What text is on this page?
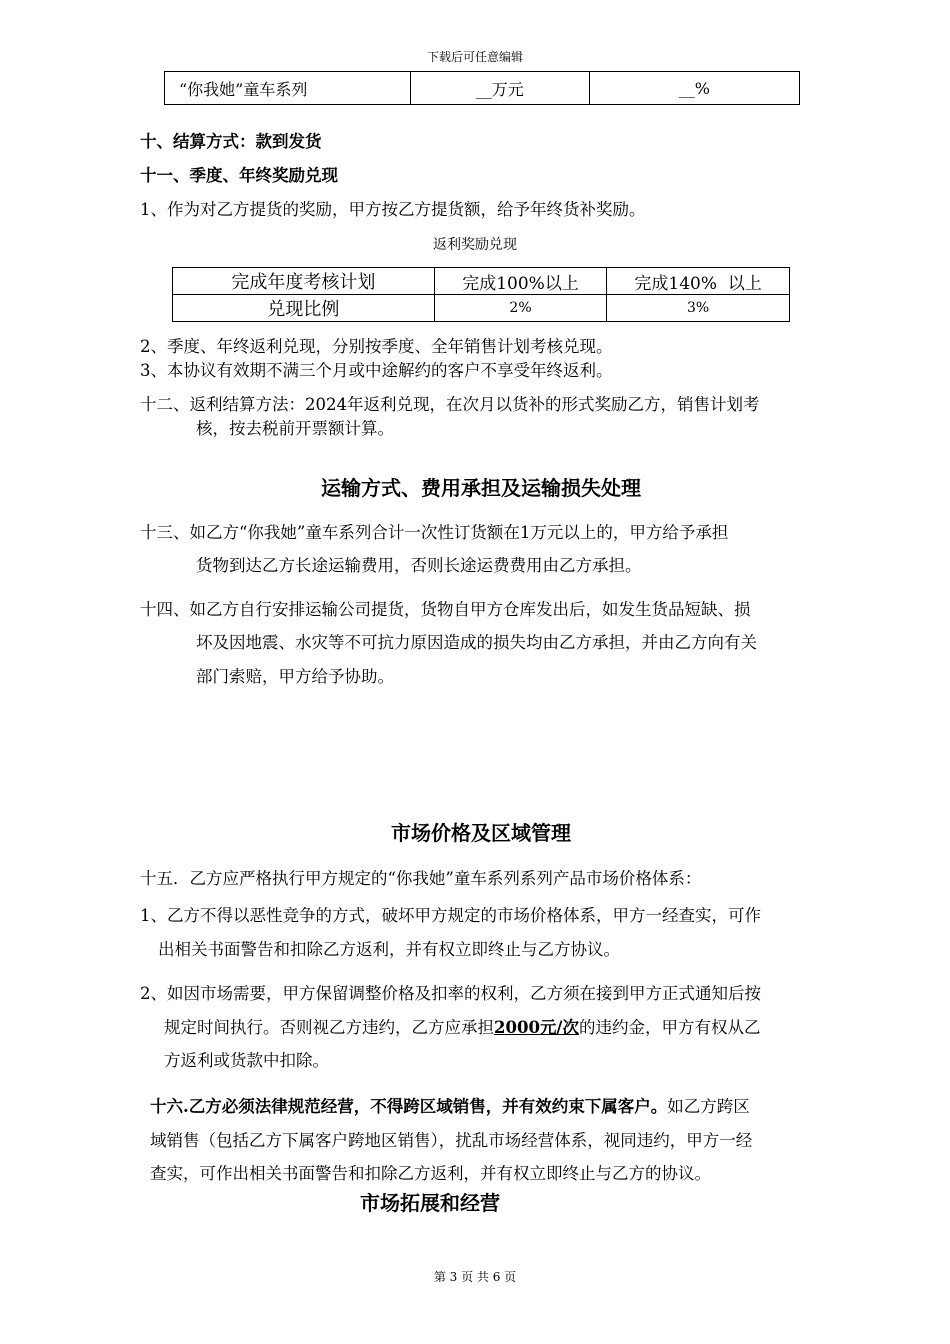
下载后可任意编辑
“你我她”童车系列	__万元	__%
十、结算方式：款到发货
十一、季度、年终奖励兑现
1、作为对乙方提货的奖励，甲方按乙方提货额，给予年终货补奖励。
返利奖励兑现
完成年度考核计划	完成100%以上	完成140%  以上
兑现比例	2%	3%
2、季度、年终返利兑现，分别按季度、全年销售计划考核兑现。
3、本协议有效期不满三个月或中途解约的客户不享受年终返利。
十二、返利结算方法：2024年返利兑现，在次月以货补的形式奖励乙方，销售计划考
核，按去税前开票额计算。
运输方式、费用承担及运输损失处理
十三、如乙方“你我她”童车系列合计一次性订货额在1万元以上的，甲方给予承担
货物到达乙方长途运输费用，否则长途运费费用由乙方承担。
十四、如乙方自行安排运输公司提货，货物自甲方仓库发出后，如发生货品短缺、损
坏及因地震、水灾等不可抗力原因造成的损失均由乙方承担，并由乙方向有关
部门索赔，甲方给予协助。
市场价格及区域管理
十五．乙方应严格执行甲方规定的“你我她”童车系列系列产品市场价格体系：
1、乙方不得以恶性竞争的方式，破坏甲方规定的市场价格体系，甲方一经查实，可作
出相关书面警告和扣除乙方返利，并有权立即终止与乙方协议。
2、如因市场需要，甲方保留调整价格及扣率的权利，乙方须在接到甲方正式通知后按
规定时间执行。否则视乙方违约，乙方应承担2000元/次的违约金，甲方有权从乙
方返利或货款中扣除。
十六.乙方必须法律规范经营，不得跨区域销售，并有效约束下属客户。如乙方跨区
域销售（包括乙方下属客户跨地区销售），扰乱市场经营体系，视同违约，甲方一经
查实，可作出相关书面警告和扣除乙方返利，并有权立即终止与乙方的协议。
市场拓展和经营
第 3 页 共 6 页
